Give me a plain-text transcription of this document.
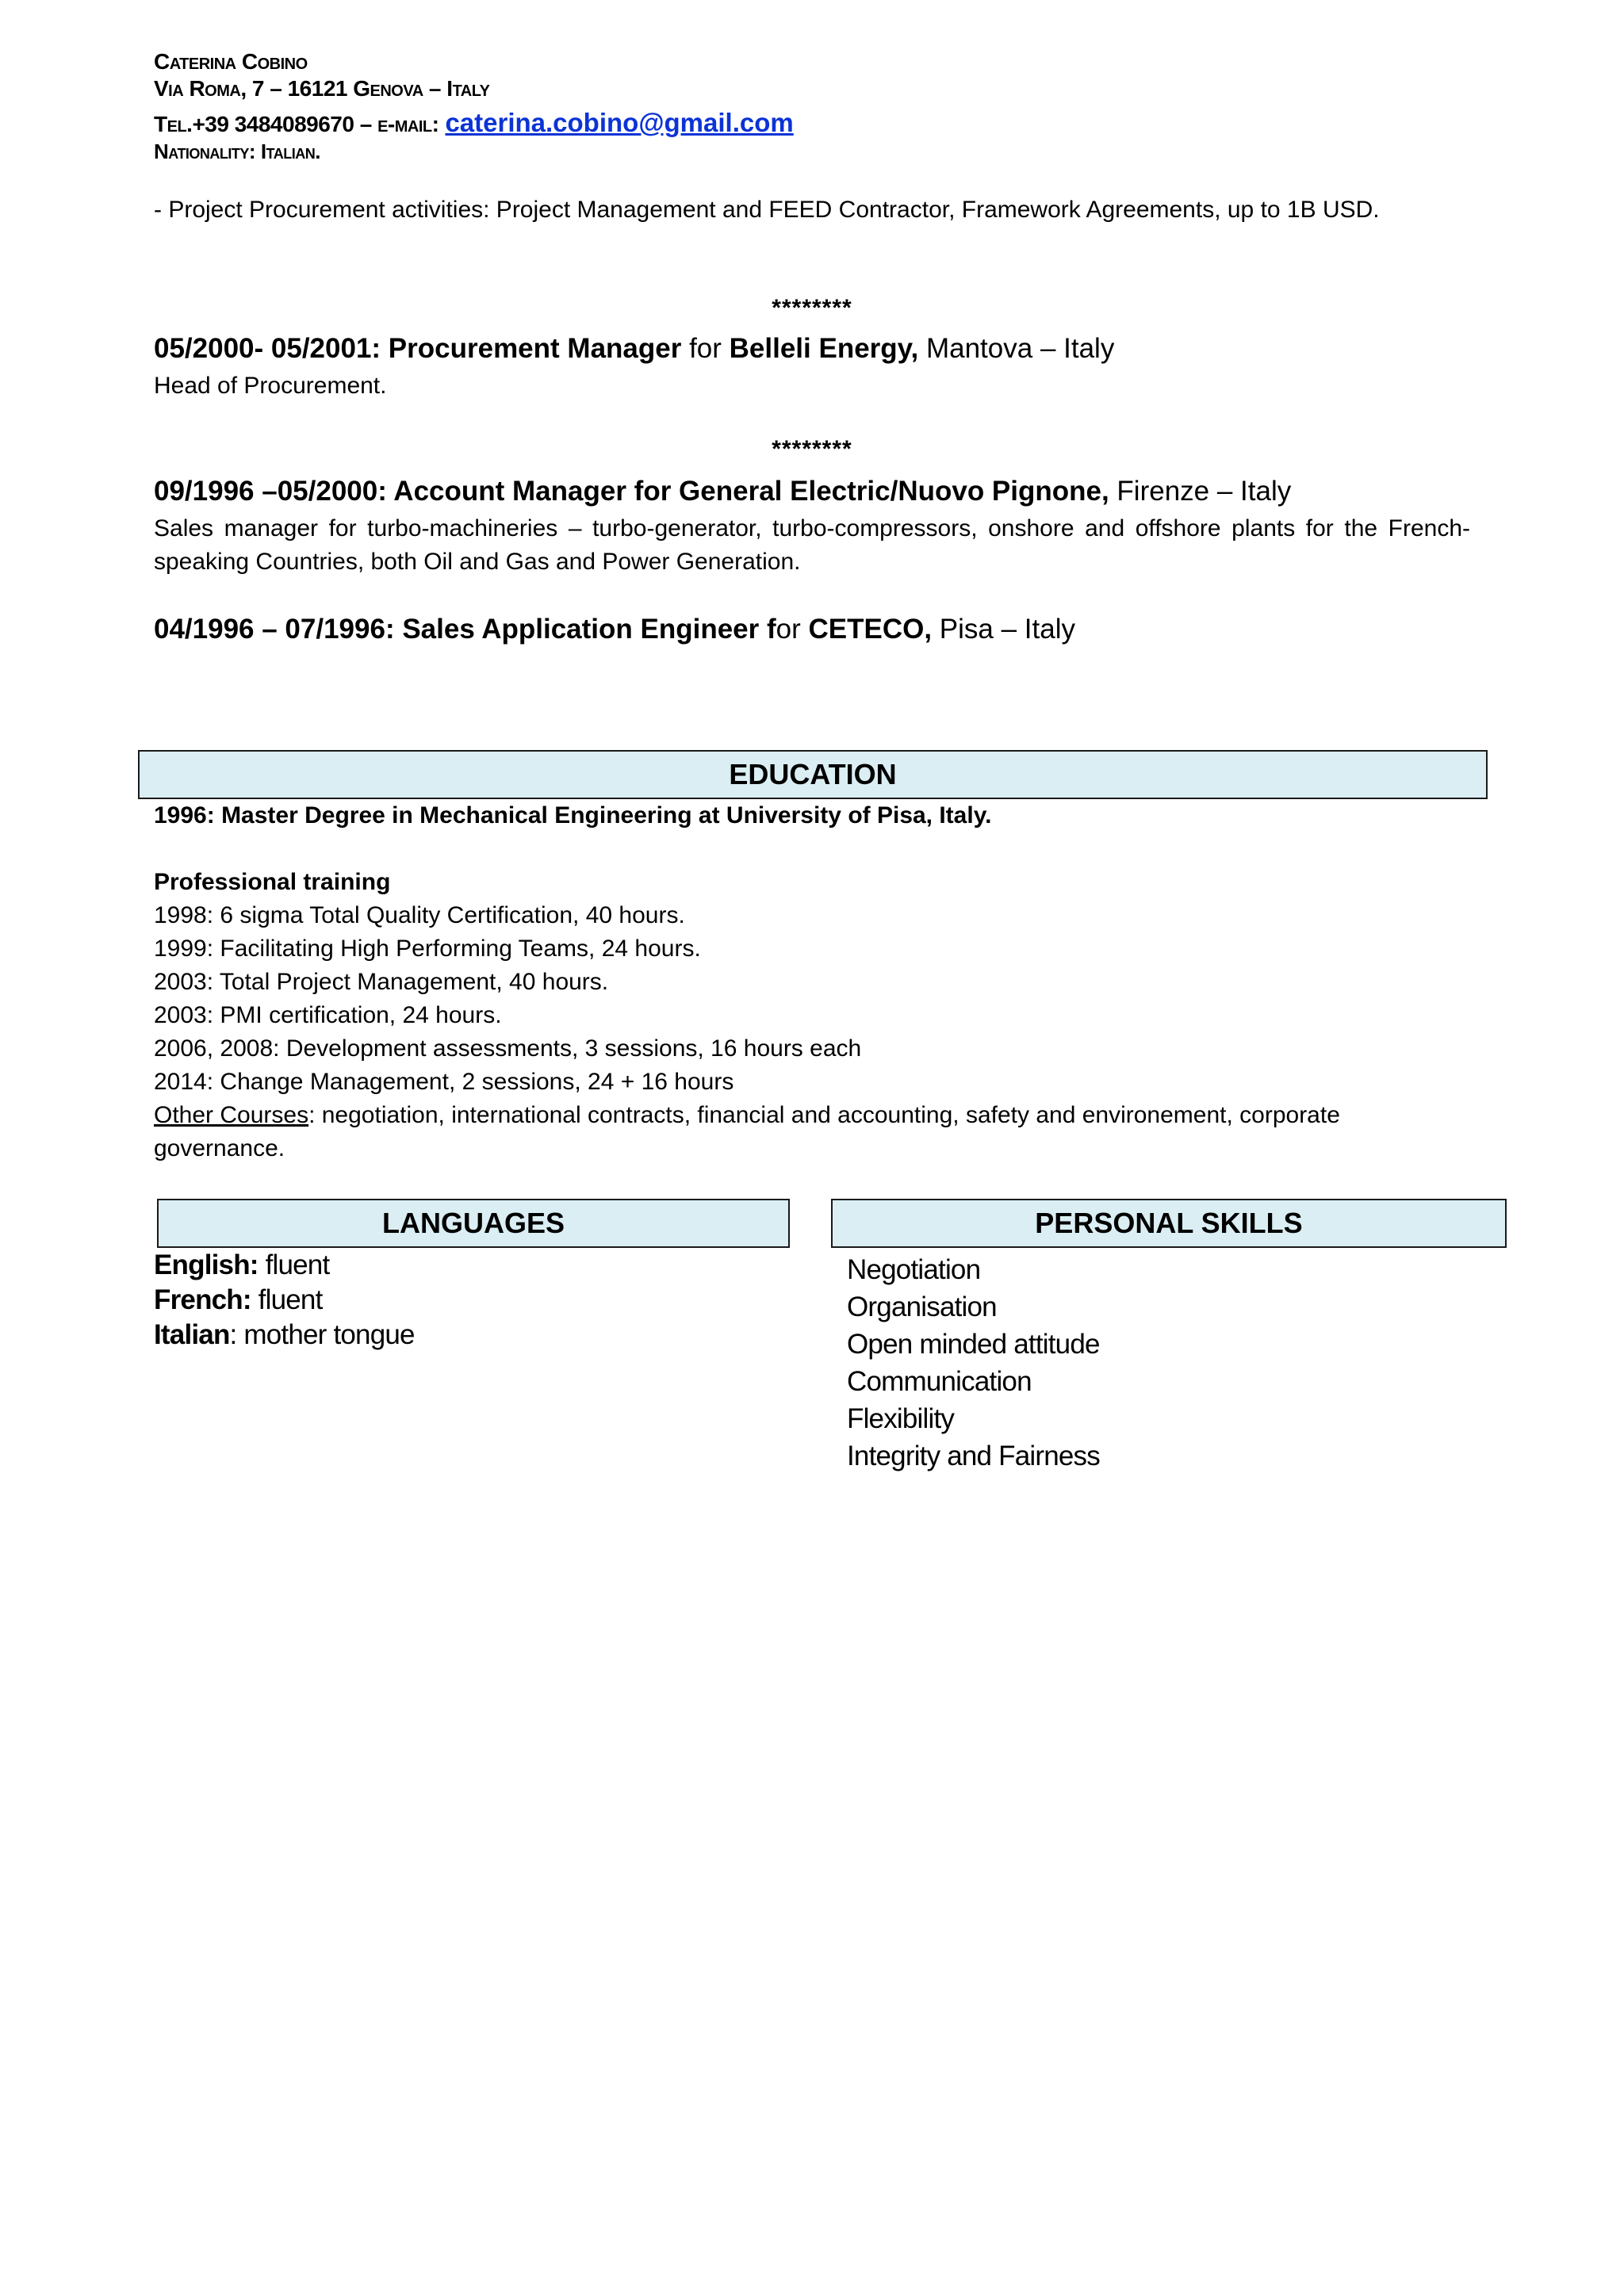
Caterina Cobino
Via Roma, 7 – 16121 Genova – Italy
Tel.+39 3484089670 – e-mail: caterina.cobino@gmail.com
Nationality: Italian.
- Project Procurement activities: Project Management and FEED Contractor, Framework Agreements, up to 1B USD.
********
05/2000- 05/2001: Procurement Manager for Belleli Energy, Mantova – Italy
Head of Procurement.
********
09/1996 –05/2000: Account Manager for General Electric/Nuovo Pignone, Firenze – Italy
Sales manager for turbo-machineries – turbo-generator, turbo-compressors, onshore and offshore plants for the French-speaking Countries, both Oil and Gas and Power Generation.
04/1996 – 07/1996: Sales Application Engineer for CETECO, Pisa – Italy
EDUCATION
1996: Master Degree in Mechanical Engineering at University of Pisa, Italy.
Professional training
1998: 6 sigma Total Quality Certification, 40 hours.
1999: Facilitating High Performing Teams, 24 hours.
2003: Total Project Management, 40 hours.
2003: PMI certification, 24 hours.
2006, 2008: Development assessments, 3 sessions, 16 hours each
2014: Change Management, 2 sessions, 24 + 16 hours
Other Courses: negotiation, international contracts, financial and accounting, safety and environement, corporate governance.
LANGUAGES	PERSONAL SKILLS
English: fluent
French: fluent
Italian: mother tongue
Negotiation
Organisation
Open minded attitude
Communication
Flexibility
Integrity and Fairness
